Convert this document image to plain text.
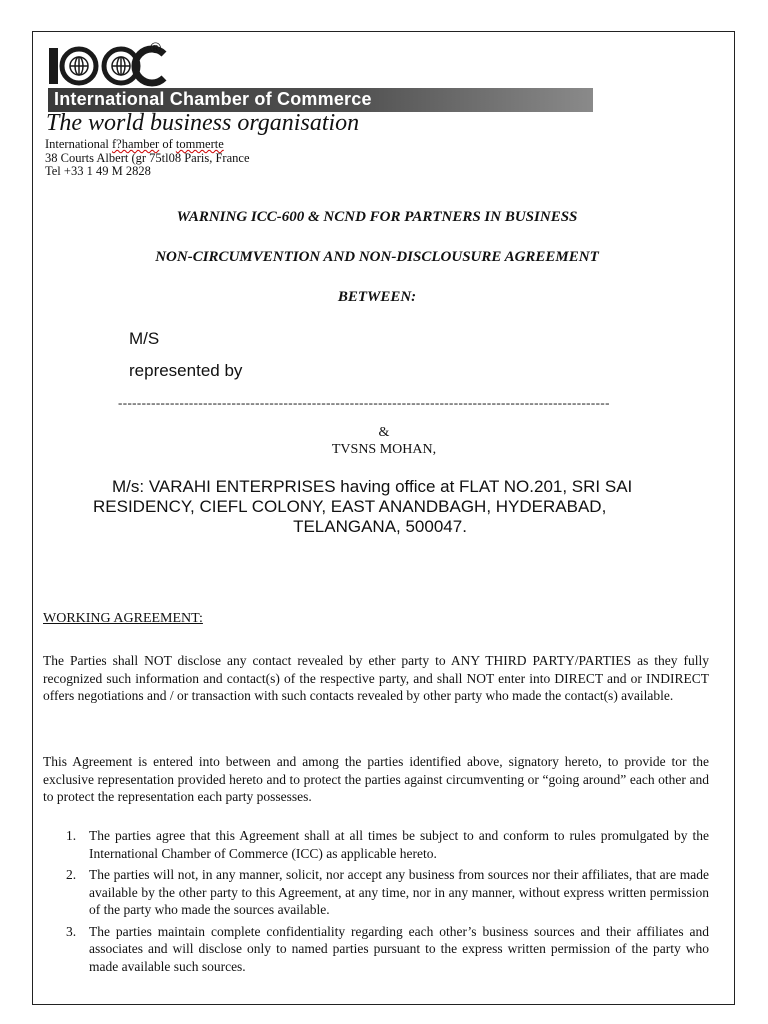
®
International Chamber of Commerce
The world business organisation
International f?hamber of tommerte
38 Courts Albert (gr 75tl08 Paris, France
Tel +33 1 49 M 2828
WARNING ICC-600 & NCND FOR PARTNERS IN BUSINESS
NON-CIRCUMVENTION AND NON-DISCLOUSURE AGREEMENT
BETWEEN:
M/S
represented by
--------------------------------------------------------------------------------------------------------
&
TVSNS MOHAN,
M/s: VARAHI ENTERPRISES having office at FLAT NO.201, SRI SAI
RESIDENCY, CIEFL COLONY, EAST ANANDBAGH, HYDERABAD,
TELANGANA, 500047.
WORKING AGREEMENT:
The Parties shall NOT disclose any contact revealed by ether party to ANY THIRD PARTY/PARTIES as they fully recognized such information and contact(s) of the respective party, and shall NOT enter into DIRECT and or INDIRECT offers negotiations and / or transaction with such contacts revealed by other party who made the contact(s) available.
This Agreement is entered into between and among the parties identified above, signatory hereto, to provide tor the exclusive representation provided hereto and to protect the parties against circumventing or “going around” each other and to protect the representation each party possesses.
1. The parties agree that this Agreement shall at all times be subject to and conform to rules promulgated by the International Chamber of Commerce (ICC) as applicable hereto.
2. The parties will not, in any manner, solicit, nor accept any business from sources nor their affiliates, that are made available by the other party to this Agreement, at any time, nor in any manner, without express written permission of the party who made the sources available.
3. The parties maintain complete confidentiality regarding each other’s business sources and their affiliates and associates and will disclose only to named parties pursuant to the express written permission of the party who made available such sources.
